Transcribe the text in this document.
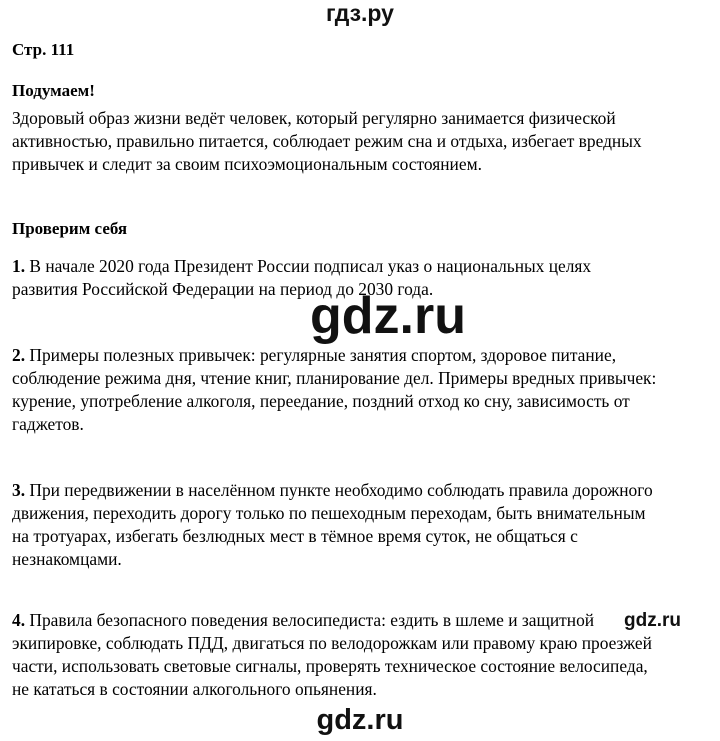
гдз.ру
Стр. 111
Подумаем!
Здоровый образ жизни ведёт человек, который регулярно занимается физической
активностью, правильно питается, соблюдает режим сна и отдыха, избегает вредных
привычек и следит за своим психоэмоциональным состоянием.
Проверим себя
1. В начале 2020 года Президент России подписал указ о национальных целях
развития Российской Федерации на период до 2030 года.
gdz.ru
2. Примеры полезных привычек: регулярные занятия спортом, здоровое питание,
соблюдение режима дня, чтение книг, планирование дел. Примеры вредных привычек:
курение, употребление алкоголя, переедание, поздний отход ко сну, зависимость от
гаджетов.
3. При передвижении в населённом пункте необходимо соблюдать правила дорожного
движения, переходить дорогу только по пешеходным переходам, быть внимательным
на тротуарах, избегать безлюдных мест в тёмное время суток, не общаться с
незнакомцами.
4. Правила безопасного поведения велосипедиста: ездить в шлеме и защитной
экипировке, соблюдать ПДД, двигаться по велодорожкам или правому краю проезжей
части, использовать световые сигналы, проверять техническое состояние велосипеда,
не кататься в состоянии алкогольного опьянения.
gdz.ru
gdz.ru
